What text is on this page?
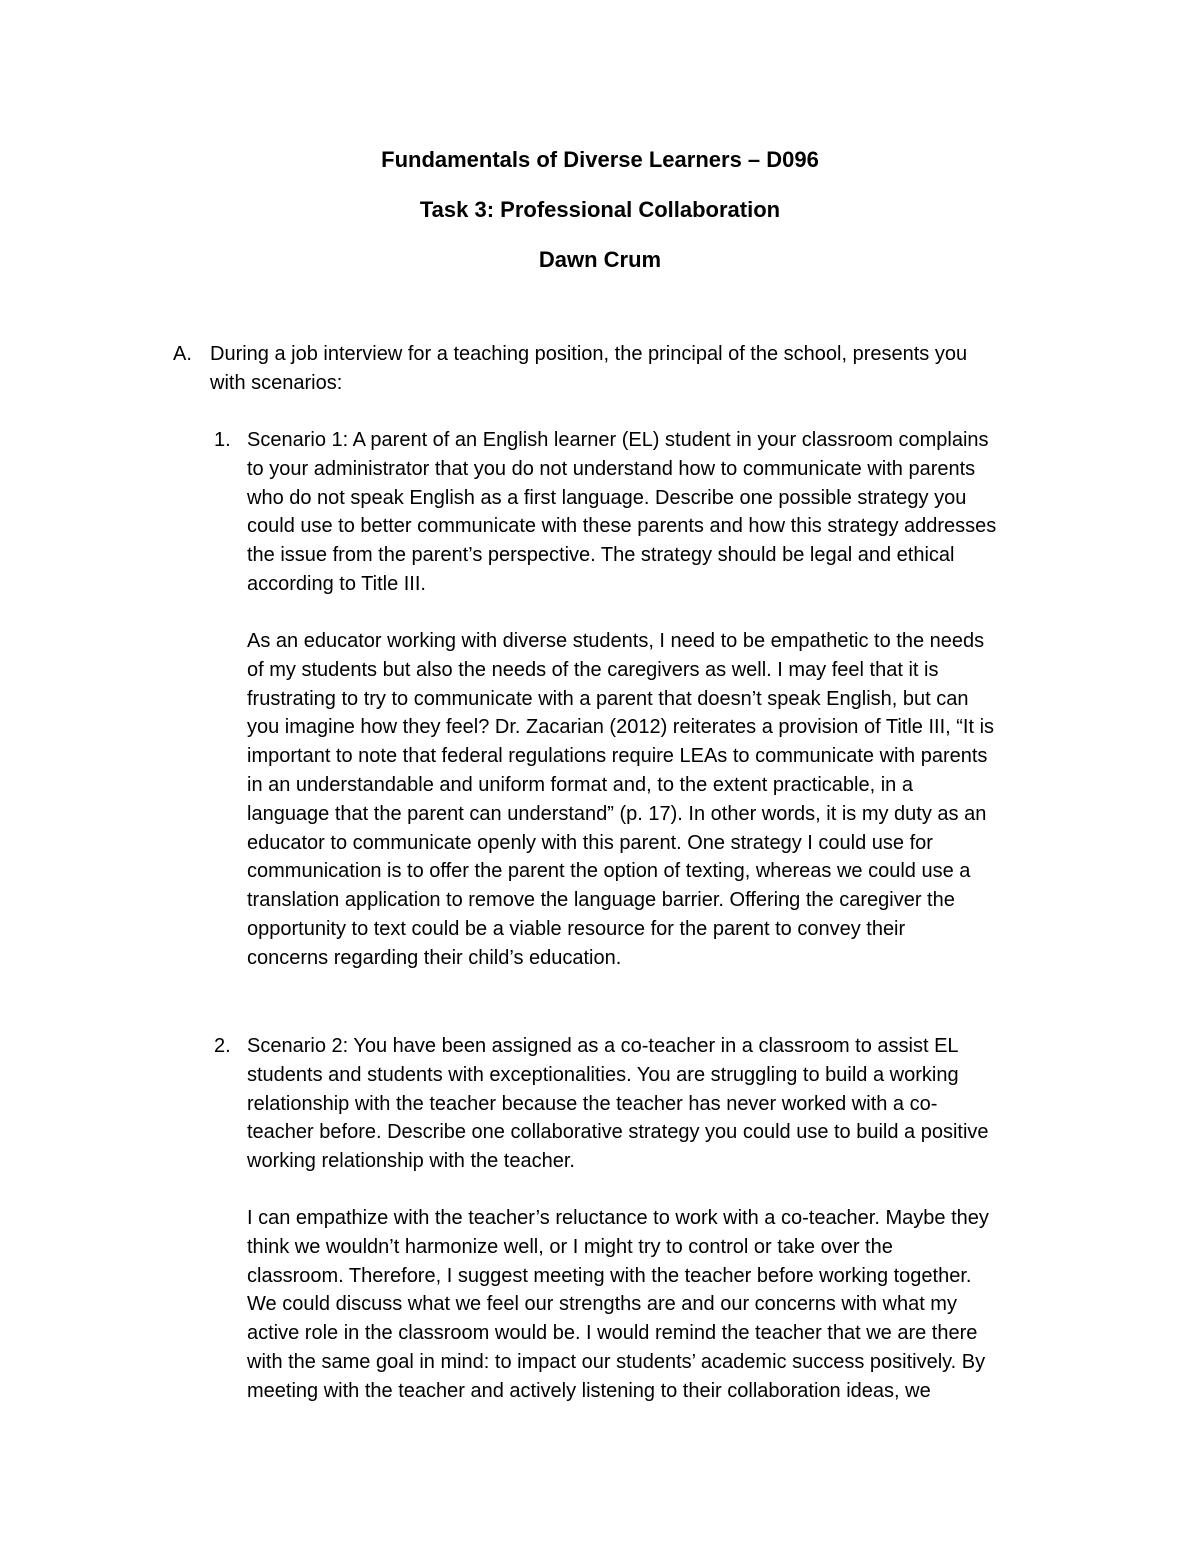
Fundamentals of Diverse Learners – D096
Task 3: Professional Collaboration
Dawn Crum
A. During a job interview for a teaching position, the principal of the school, presents you
with scenarios:
1. Scenario 1: A parent of an English learner (EL) student in your classroom complains
to your administrator that you do not understand how to communicate with parents
who do not speak English as a first language. Describe one possible strategy you
could use to better communicate with these parents and how this strategy addresses
the issue from the parent’s perspective. The strategy should be legal and ethical
according to Title III.
As an educator working with diverse students, I need to be empathetic to the needs
of my students but also the needs of the caregivers as well. I may feel that it is
frustrating to try to communicate with a parent that doesn’t speak English, but can
you imagine how they feel? Dr. Zacarian (2012) reiterates a provision of Title III, “It is
important to note that federal regulations require LEAs to communicate with parents
in an understandable and uniform format and, to the extent practicable, in a
language that the parent can understand” (p. 17). In other words, it is my duty as an
educator to communicate openly with this parent. One strategy I could use for
communication is to offer the parent the option of texting, whereas we could use a
translation application to remove the language barrier. Offering the caregiver the
opportunity to text could be a viable resource for the parent to convey their
concerns regarding their child’s education.
2. Scenario 2: You have been assigned as a co-teacher in a classroom to assist EL
students and students with exceptionalities. You are struggling to build a working
relationship with the teacher because the teacher has never worked with a co-
teacher before. Describe one collaborative strategy you could use to build a positive
working relationship with the teacher.
I can empathize with the teacher’s reluctance to work with a co-teacher. Maybe they
think we wouldn’t harmonize well, or I might try to control or take over the
classroom. Therefore, I suggest meeting with the teacher before working together.
We could discuss what we feel our strengths are and our concerns with what my
active role in the classroom would be. I would remind the teacher that we are there
with the same goal in mind: to impact our students’ academic success positively. By
meeting with the teacher and actively listening to their collaboration ideas, we
